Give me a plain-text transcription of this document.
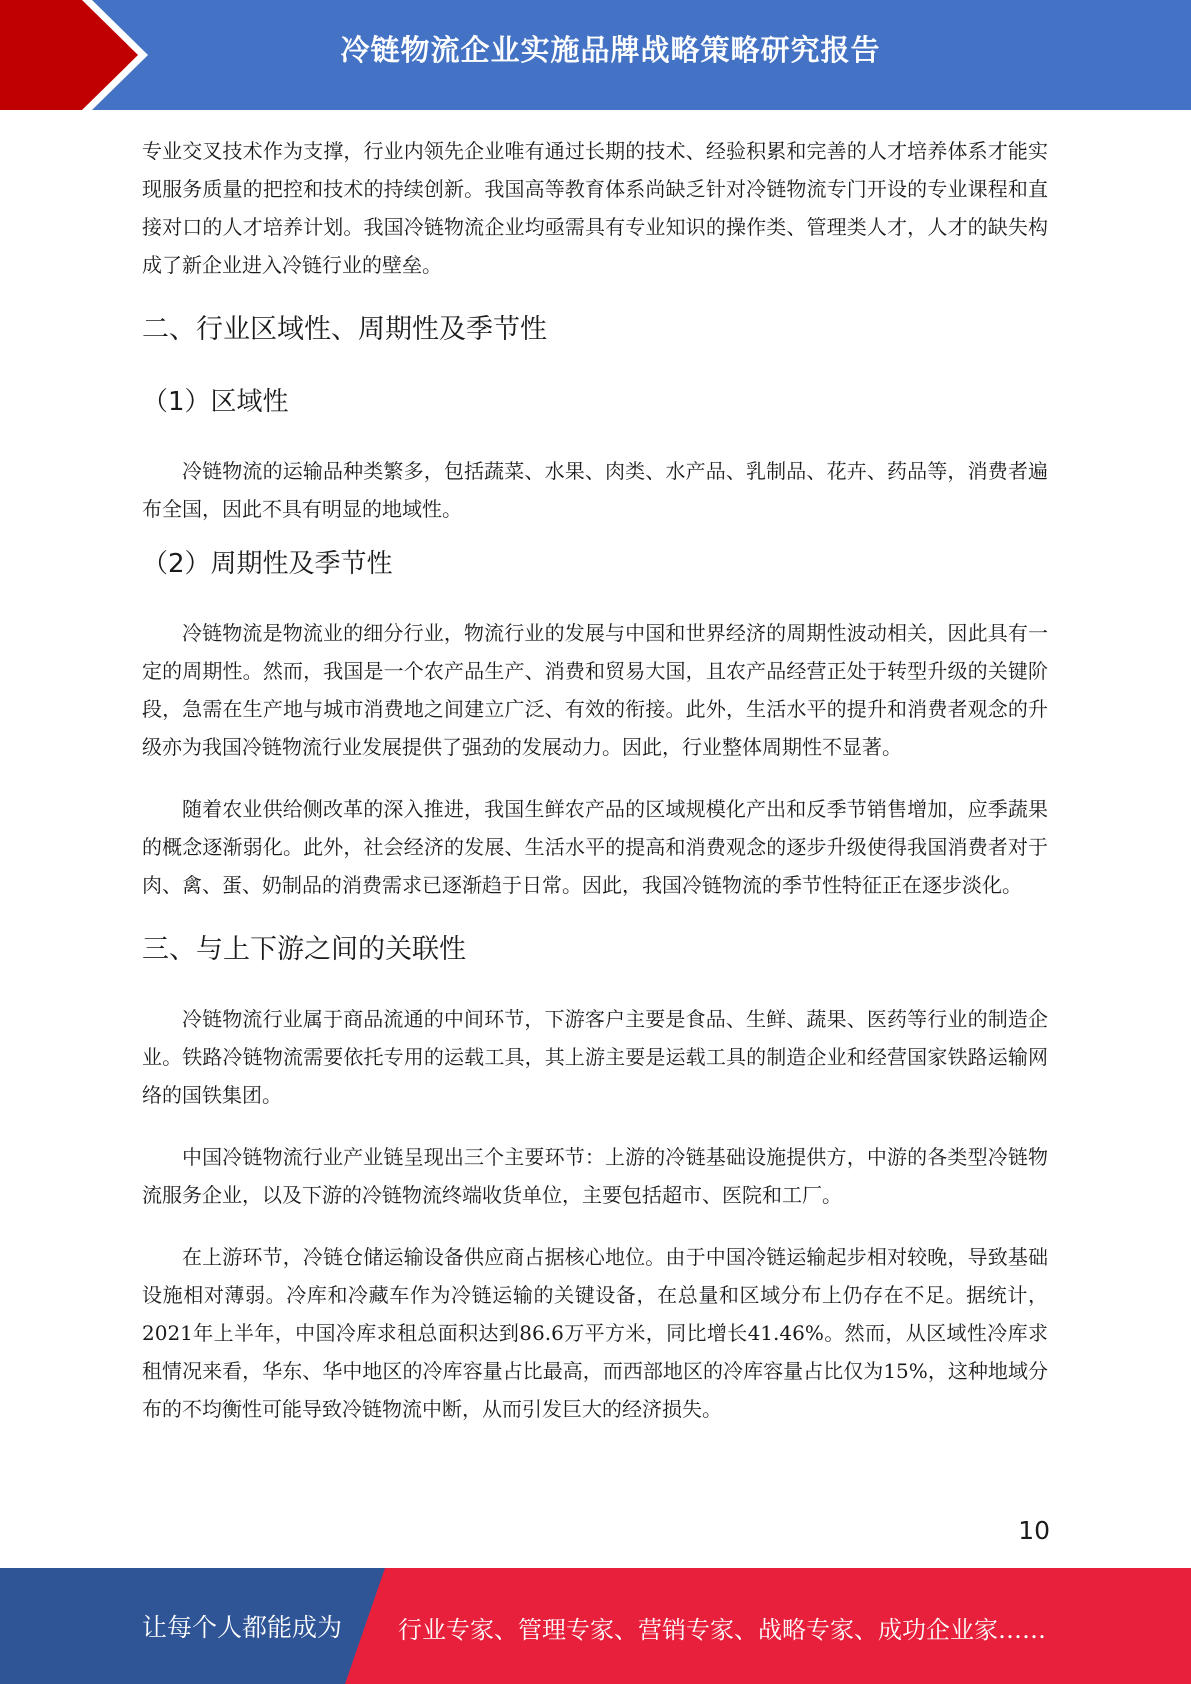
冷链物流企业实施品牌战略策略研究报告

专业交叉技术作为支撑，行业内领先企业唯有通过长期的技术、经验积累和完善的人才培养体系才能实现服务质量的把控和技术的持续创新。我国高等教育体系尚缺乏针对冷链物流专门开设的专业课程和直接对口的人才培养计划。我国冷链物流企业均亟需具有专业知识的操作类、管理类人才，人才的缺失构成了新企业进入冷链行业的壁垒。

二、行业区域性、周期性及季节性
（1）区域性

冷链物流的运输品种类繁多，包括蔬菜、水果、肉类、水产品、乳制品、花卉、药品等，消费者遍布全国，因此不具有明显的地域性。

（2）周期性及季节性

冷链物流是物流业的细分行业，物流行业的发展与中国和世界经济的周期性波动相关，因此具有一定的周期性。然而，我国是一个农产品生产、消费和贸易大国，且农产品经营正处于转型升级的关键阶段，急需在生产地与城市消费地之间建立广泛、有效的衔接。此外，生活水平的提升和消费者观念的升级亦为我国冷链物流行业发展提供了强劲的发展动力。因此，行业整体周期性不显著。

随着农业供给侧改革的深入推进，我国生鲜农产品的区域规模化产出和反季节销售增加，应季蔬果的概念逐渐弱化。此外，社会经济的发展、生活水平的提高和消费观念的逐步升级使得我国消费者对于肉、禽、蛋、奶制品的消费需求已逐渐趋于日常。因此，我国冷链物流的季节性特征正在逐步淡化。

三、与上下游之间的关联性

冷链物流行业属于商品流通的中间环节，下游客户主要是食品、生鲜、蔬果、医药等行业的制造企业。铁路冷链物流需要依托专用的运载工具，其上游主要是运载工具的制造企业和经营国家铁路运输网络的国铁集团。

中国冷链物流行业产业链呈现出三个主要环节：上游的冷链基础设施提供方，中游的各类型冷链物流服务企业，以及下游的冷链物流终端收货单位，主要包括超市、医院和工厂。

在上游环节，冷链仓储运输设备供应商占据核心地位。由于中国冷链运输起步相对较晚，导致基础设施相对薄弱。冷库和冷藏车作为冷链运输的关键设备，在总量和区域分布上仍存在不足。据统计，2021年上半年，中国冷库求租总面积达到86.6万平方米，同比增长41.46%。然而，从区域性冷库求租情况来看，华东、华中地区的冷库容量占比最高，而西部地区的冷库容量占比仅为15%，这种地域分布的不均衡性可能导致冷链物流中断，从而引发巨大的经济损失。

10
让每个人都能成为 行业专家、管理专家、营销专家、战略专家、成功企业家……
